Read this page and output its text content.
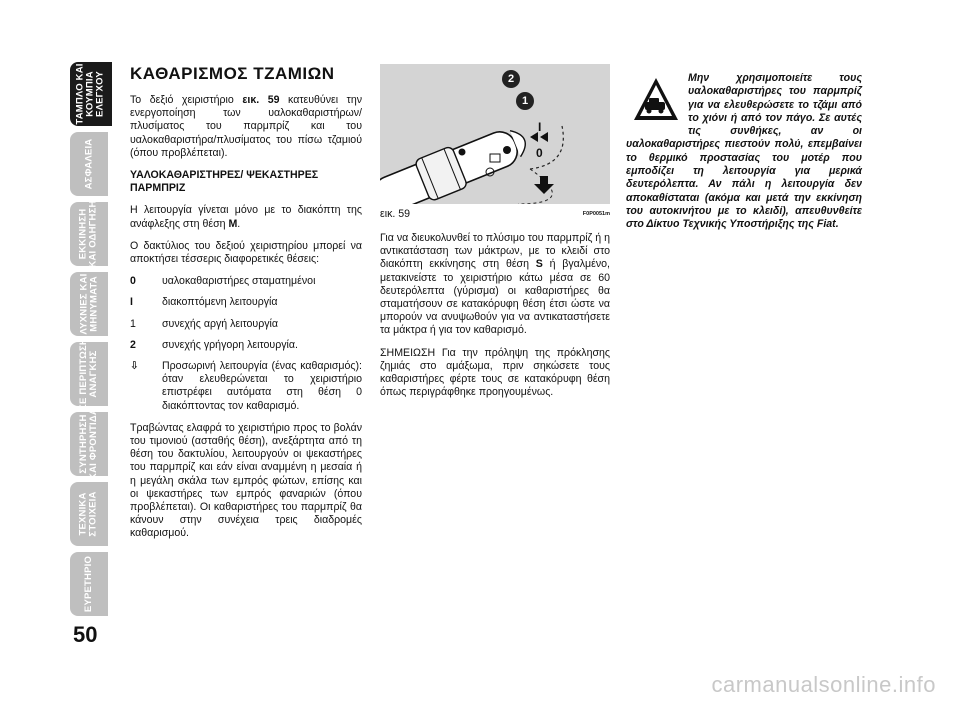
ΤΑΜΠΛΟ ΚΑΙ
ΚΟΥΜΠΙΑ
ΕΛΕΓΧΟΥ
ΑΣΦΑΛΕΙΑ
ΕΚΚΙΝΗΣΗ
ΚΑΙ ΟΔΗΓΗΣΗ
ΛΥΧΝΙΕΣ ΚΑΙ
ΜΗΝΥΜΑΤΑ
ΣΕ ΠΕΡΙΠΤΩΣΗ
ΑΝΑΓΚΗΣ
ΣΥΝΤΗΡΗΣΗ
ΚΑΙ ΦΡΟΝΤΙΔΑ
ΤΕΧΝΙΚΑ
ΣΤΟΙΧΕΙΑ
ΕΥΡΕΤΗΡΙΟ
50
ΚΑΘΑΡΙΣΜΟΣ ΤΖΑΜΙΩΝ

Το δεξιό χειριστήριο εικ. 59 κατευθύνει την ενεργοποίηση των υαλοκαθαριστήρων/πλυσίματος του παρμπρίζ και του υαλοκαθαριστήρα/πλυσίματος του πίσω τζαμιού (όπου προβλέπεται).

ΥΑΛΟΚΑΘΑΡΙΣΤΗΡΕΣ/ ΨΕΚΑΣΤΗΡΕΣ ΠΑΡΜΠΡΙΖ

Η λειτουργία γίνεται μόνο με το διακόπτη της ανάφλεξης στη θέση M.

Ο δακτύλιος του δεξιού χειριστηρίου μπορεί να αποκτήσει τέσσερις διαφορετικές θέσεις:

0	υαλοκαθαριστήρες σταματημένοι
I	διακοπτόμενη λειτουργία
1	συνεχής αργή λειτουργία
2	συνεχής γρήγορη λειτουργία.
⇩	Προσωρινή λειτουργία (ένας καθαρισμός): όταν ελευθερώνεται το χειριστήριο επιστρέφει αυτόματα στη θέση 0 διακόπτοντας τον καθαρισμό.

Τραβώντας ελαφρά το χειριστήριο προς το βολάν του τιμονιού (ασταθής θέση), ανεξάρτητα από τη θέση του δακτυλίου, λειτουργούν οι ψεκαστήρες του παρμπρίζ και εάν είναι αναμμένη η μεσαία ή η μεγάλη σκάλα των εμπρός φώτων, επίσης και οι ψεκαστήρες των εμπρός φαναριών (όπου προβλέπεται). Οι καθαριστήρες του παρμπρίζ θα κάνουν στην συνέχεια τρεις διαδρομές καθαρισμού.

2
1
I
0
εικ. 59	F0P0051m

Για να διευκολυνθεί το πλύσιμο του παρμπρίζ ή η αντικατάσταση των μάκτρων, με το κλειδί στο διακόπτη εκκίνησης στη θέση S ή βγαλμένο, μετακινείστε το χειριστήριο κάτω μέσα σε 60 δευτερόλεπτα (γύρισμα) οι καθαριστήρες θα σταματήσουν σε κατακόρυφη θέση έτσι ώστε να μπορούν να ανυψωθούν για να αντικαταστήσετε τα μάκτρα ή για τον καθαρισμό.

ΣΗΜΕΙΩΣΗ Για την πρόληψη της πρόκλησης ζημιάς στο αμάξωμα, πριν σηκώσετε τους καθαριστήρες φέρτε τους σε κατακόρυφη θέση όπως περιγράφθηκε προηγουμένως.

Μην χρησιμοποιείτε τους υαλοκαθαριστήρες του παρμπρίζ για να ελευθερώσετε το τζάμι από το χιόνι ή από τον πάγο. Σε αυτές τις συνθήκες, αν οι υαλοκαθαριστήρες πιεστούν πολύ, επεμβαίνει το θερμικό προστασίας του μοτέρ που εμποδίζει τη λειτουργία για μερικά δευτερόλεπτα. Αν πάλι η λειτουργία δεν αποκαθίσταται (ακόμα και μετά την εκκίνηση του αυτοκινήτου με το κλειδί), απευθυνθείτε στο Δίκτυο Τεχνικής Υποστήριξης της Fiat.
carmanualsonline.info
